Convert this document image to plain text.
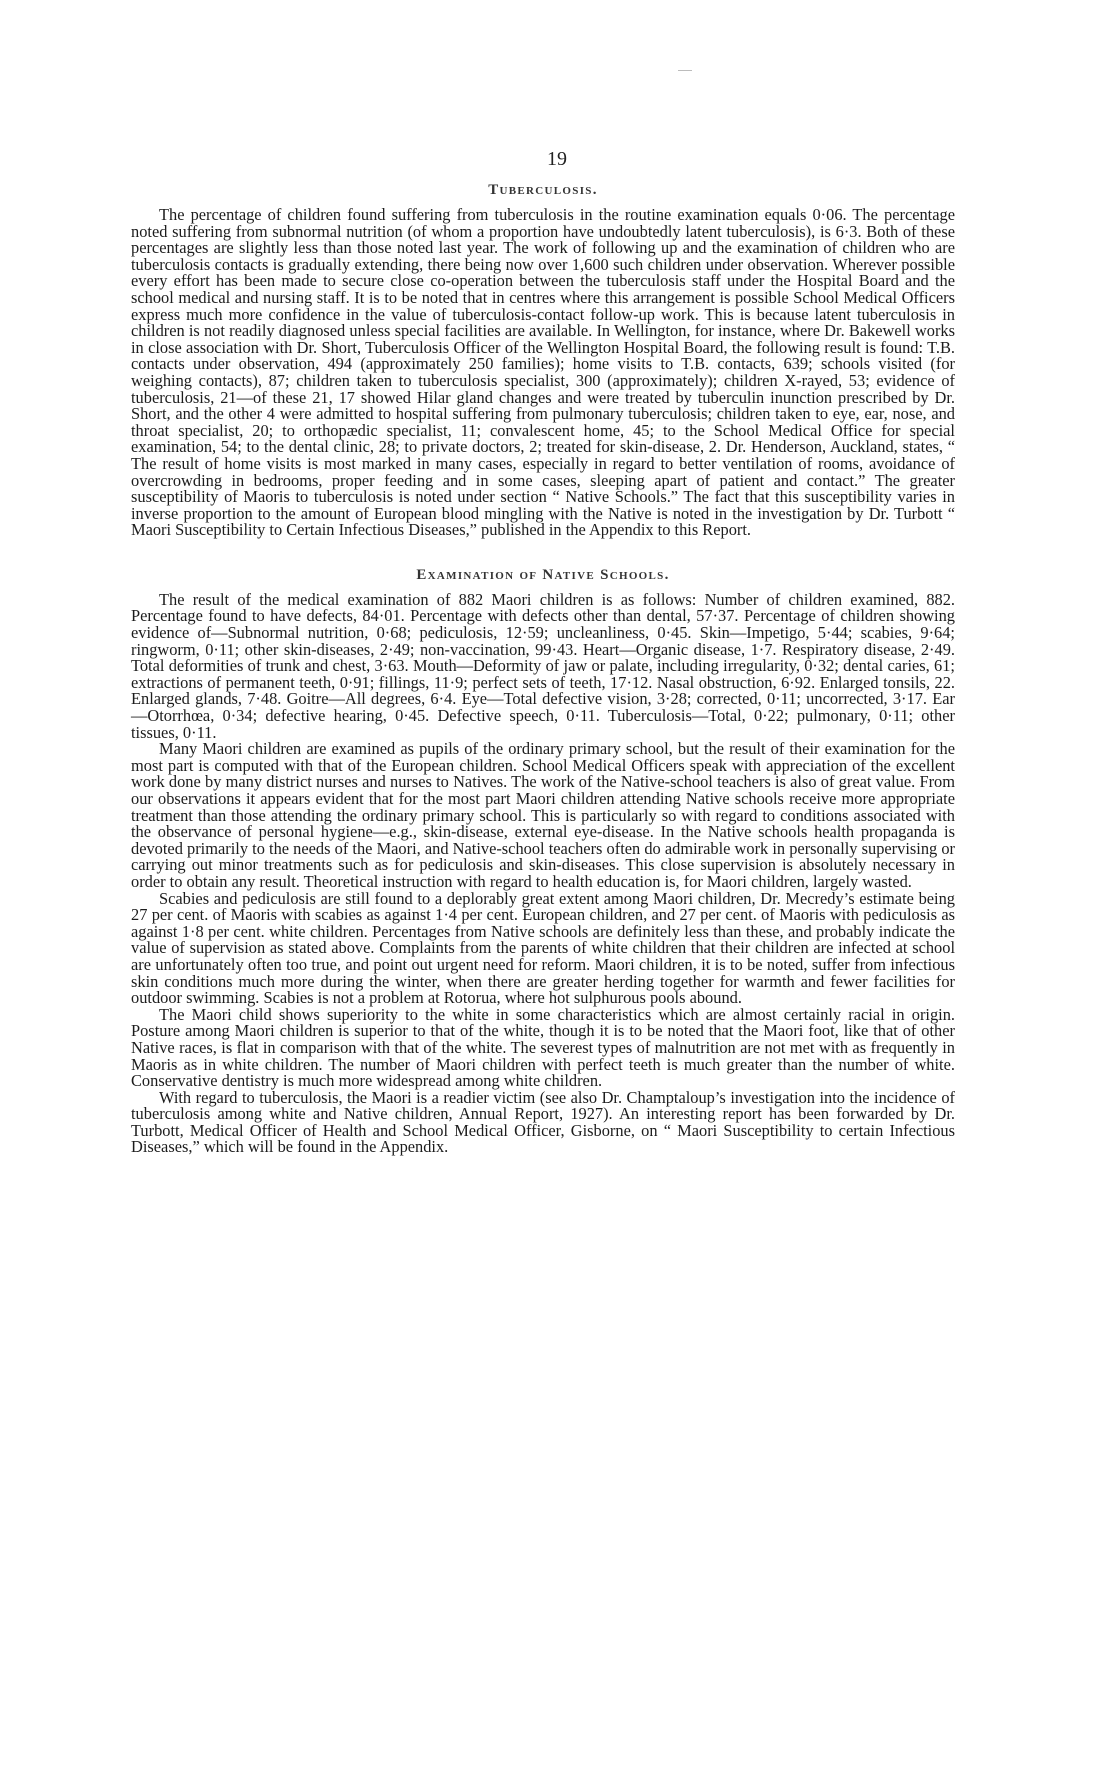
19
Tuberculosis.

The percentage of children found suffering from tuberculosis in the routine examination equals 0·06. The percentage noted suffering from subnormal nutrition (of whom a proportion have undoubtedly latent tuberculosis), is 6·3. Both of these percentages are slightly less than those noted last year. The work of following up and the examination of children who are tuberculosis contacts is gradually extending, there being now over 1,600 such children under observation. Wherever possible every effort has been made to secure close co-operation between the tuberculosis staff under the Hospital Board and the school medical and nursing staff. It is to be noted that in centres where this arrangement is possible School Medical Officers express much more confidence in the value of tuberculosis-contact follow-up work. This is because latent tuberculosis in children is not readily diagnosed unless special facilities are available. In Wellington, for instance, where Dr. Bakewell works in close association with Dr. Short, Tuberculosis Officer of the Wellington Hospital Board, the following result is found: T.B. contacts under observation, 494 (approximately 250 families); home visits to T.B. contacts, 639; schools visited (for weighing contacts), 87; children taken to tuberculosis specialist, 300 (approximately); children X-rayed, 53; evidence of tuberculosis, 21—of these 21, 17 showed Hilar gland changes and were treated by tuberculin inunction prescribed by Dr. Short, and the other 4 were admitted to hospital suffering from pulmonary tuberculosis; children taken to eye, ear, nose, and throat specialist, 20; to orthopædic specialist, 11; convalescent home, 45; to the School Medical Office for special examination, 54; to the dental clinic, 28; to private doctors, 2; treated for skin-disease, 2. Dr. Henderson, Auckland, states, “ The result of home visits is most marked in many cases, especially in regard to better ventilation of rooms, avoidance of overcrowding in bedrooms, proper feeding and in some cases, sleeping apart of patient and contact.” The greater susceptibility of Maoris to tuberculosis is noted under section “ Native Schools.” The fact that this susceptibility varies in inverse proportion to the amount of European blood mingling with the Native is noted in the investigation by Dr. Turbott “ Maori Susceptibility to Certain Infectious Diseases,” published in the Appendix to this Report.

Examination of Native Schools.

The result of the medical examination of 882 Maori children is as follows: Number of children examined, 882. Percentage found to have defects, 84·01. Percentage with defects other than dental, 57·37. Percentage of children showing evidence of—Subnormal nutrition, 0·68; pediculosis, 12·59; uncleanliness, 0·45. Skin—Impetigo, 5·44; scabies, 9·64; ringworm, 0·11; other skin-diseases, 2·49; non-vaccination, 99·43. Heart—Organic disease, 1·7. Respiratory disease, 2·49. Total deformities of trunk and chest, 3·63. Mouth—Deformity of jaw or palate, including irregularity, 0·32; dental caries, 61; extractions of permanent teeth, 0·91; fillings, 11·9; perfect sets of teeth, 17·12. Nasal obstruction, 6·92. Enlarged tonsils, 22. Enlarged glands, 7·48. Goitre—All degrees, 6·4. Eye—Total defective vision, 3·28; corrected, 0·11; uncorrected, 3·17. Ear—Otorrhœa, 0·34; defective hearing, 0·45. Defective speech, 0·11. Tuberculosis—Total, 0·22; pulmonary, 0·11; other tissues, 0·11.

Many Maori children are examined as pupils of the ordinary primary school, but the result of their examination for the most part is computed with that of the European children. School Medical Officers speak with appreciation of the excellent work done by many district nurses and nurses to Natives. The work of the Native-school teachers is also of great value. From our observations it appears evident that for the most part Maori children attending Native schools receive more appropriate treatment than those attending the ordinary primary school. This is particularly so with regard to conditions associated with the observance of personal hygiene—e.g., skin-disease, external eye-disease. In the Native schools health propaganda is devoted primarily to the needs of the Maori, and Native-school teachers often do admirable work in personally supervising or carrying out minor treatments such as for pediculosis and skin-diseases. This close supervision is absolutely necessary in order to obtain any result. Theoretical instruction with regard to health education is, for Maori children, largely wasted.

Scabies and pediculosis are still found to a deplorably great extent among Maori children, Dr. Mecredy’s estimate being 27 per cent. of Maoris with scabies as against 1·4 per cent. European children, and 27 per cent. of Maoris with pediculosis as against 1·8 per cent. white children. Percentages from Native schools are definitely less than these, and probably indicate the value of supervision as stated above. Complaints from the parents of white children that their children are infected at school are unfortunately often too true, and point out urgent need for reform. Maori children, it is to be noted, suffer from infectious skin conditions much more during the winter, when there are greater herding together for warmth and fewer facilities for outdoor swimming. Scabies is not a problem at Rotorua, where hot sulphurous pools abound.

The Maori child shows superiority to the white in some characteristics which are almost certainly racial in origin. Posture among Maori children is superior to that of the white, though it is to be noted that the Maori foot, like that of other Native races, is flat in comparison with that of the white. The severest types of malnutrition are not met with as frequently in Maoris as in white children. The number of Maori children with perfect teeth is much greater than the number of white. Conservative dentistry is much more widespread among white children.

With regard to tuberculosis, the Maori is a readier victim (see also Dr. Champtaloup’s investigation into the incidence of tuberculosis among white and Native children, Annual Report, 1927). An interesting report has been forwarded by Dr. Turbott, Medical Officer of Health and School Medical Officer, Gisborne, on “ Maori Susceptibility to certain Infectious Diseases,” which will be found in the Appendix.
